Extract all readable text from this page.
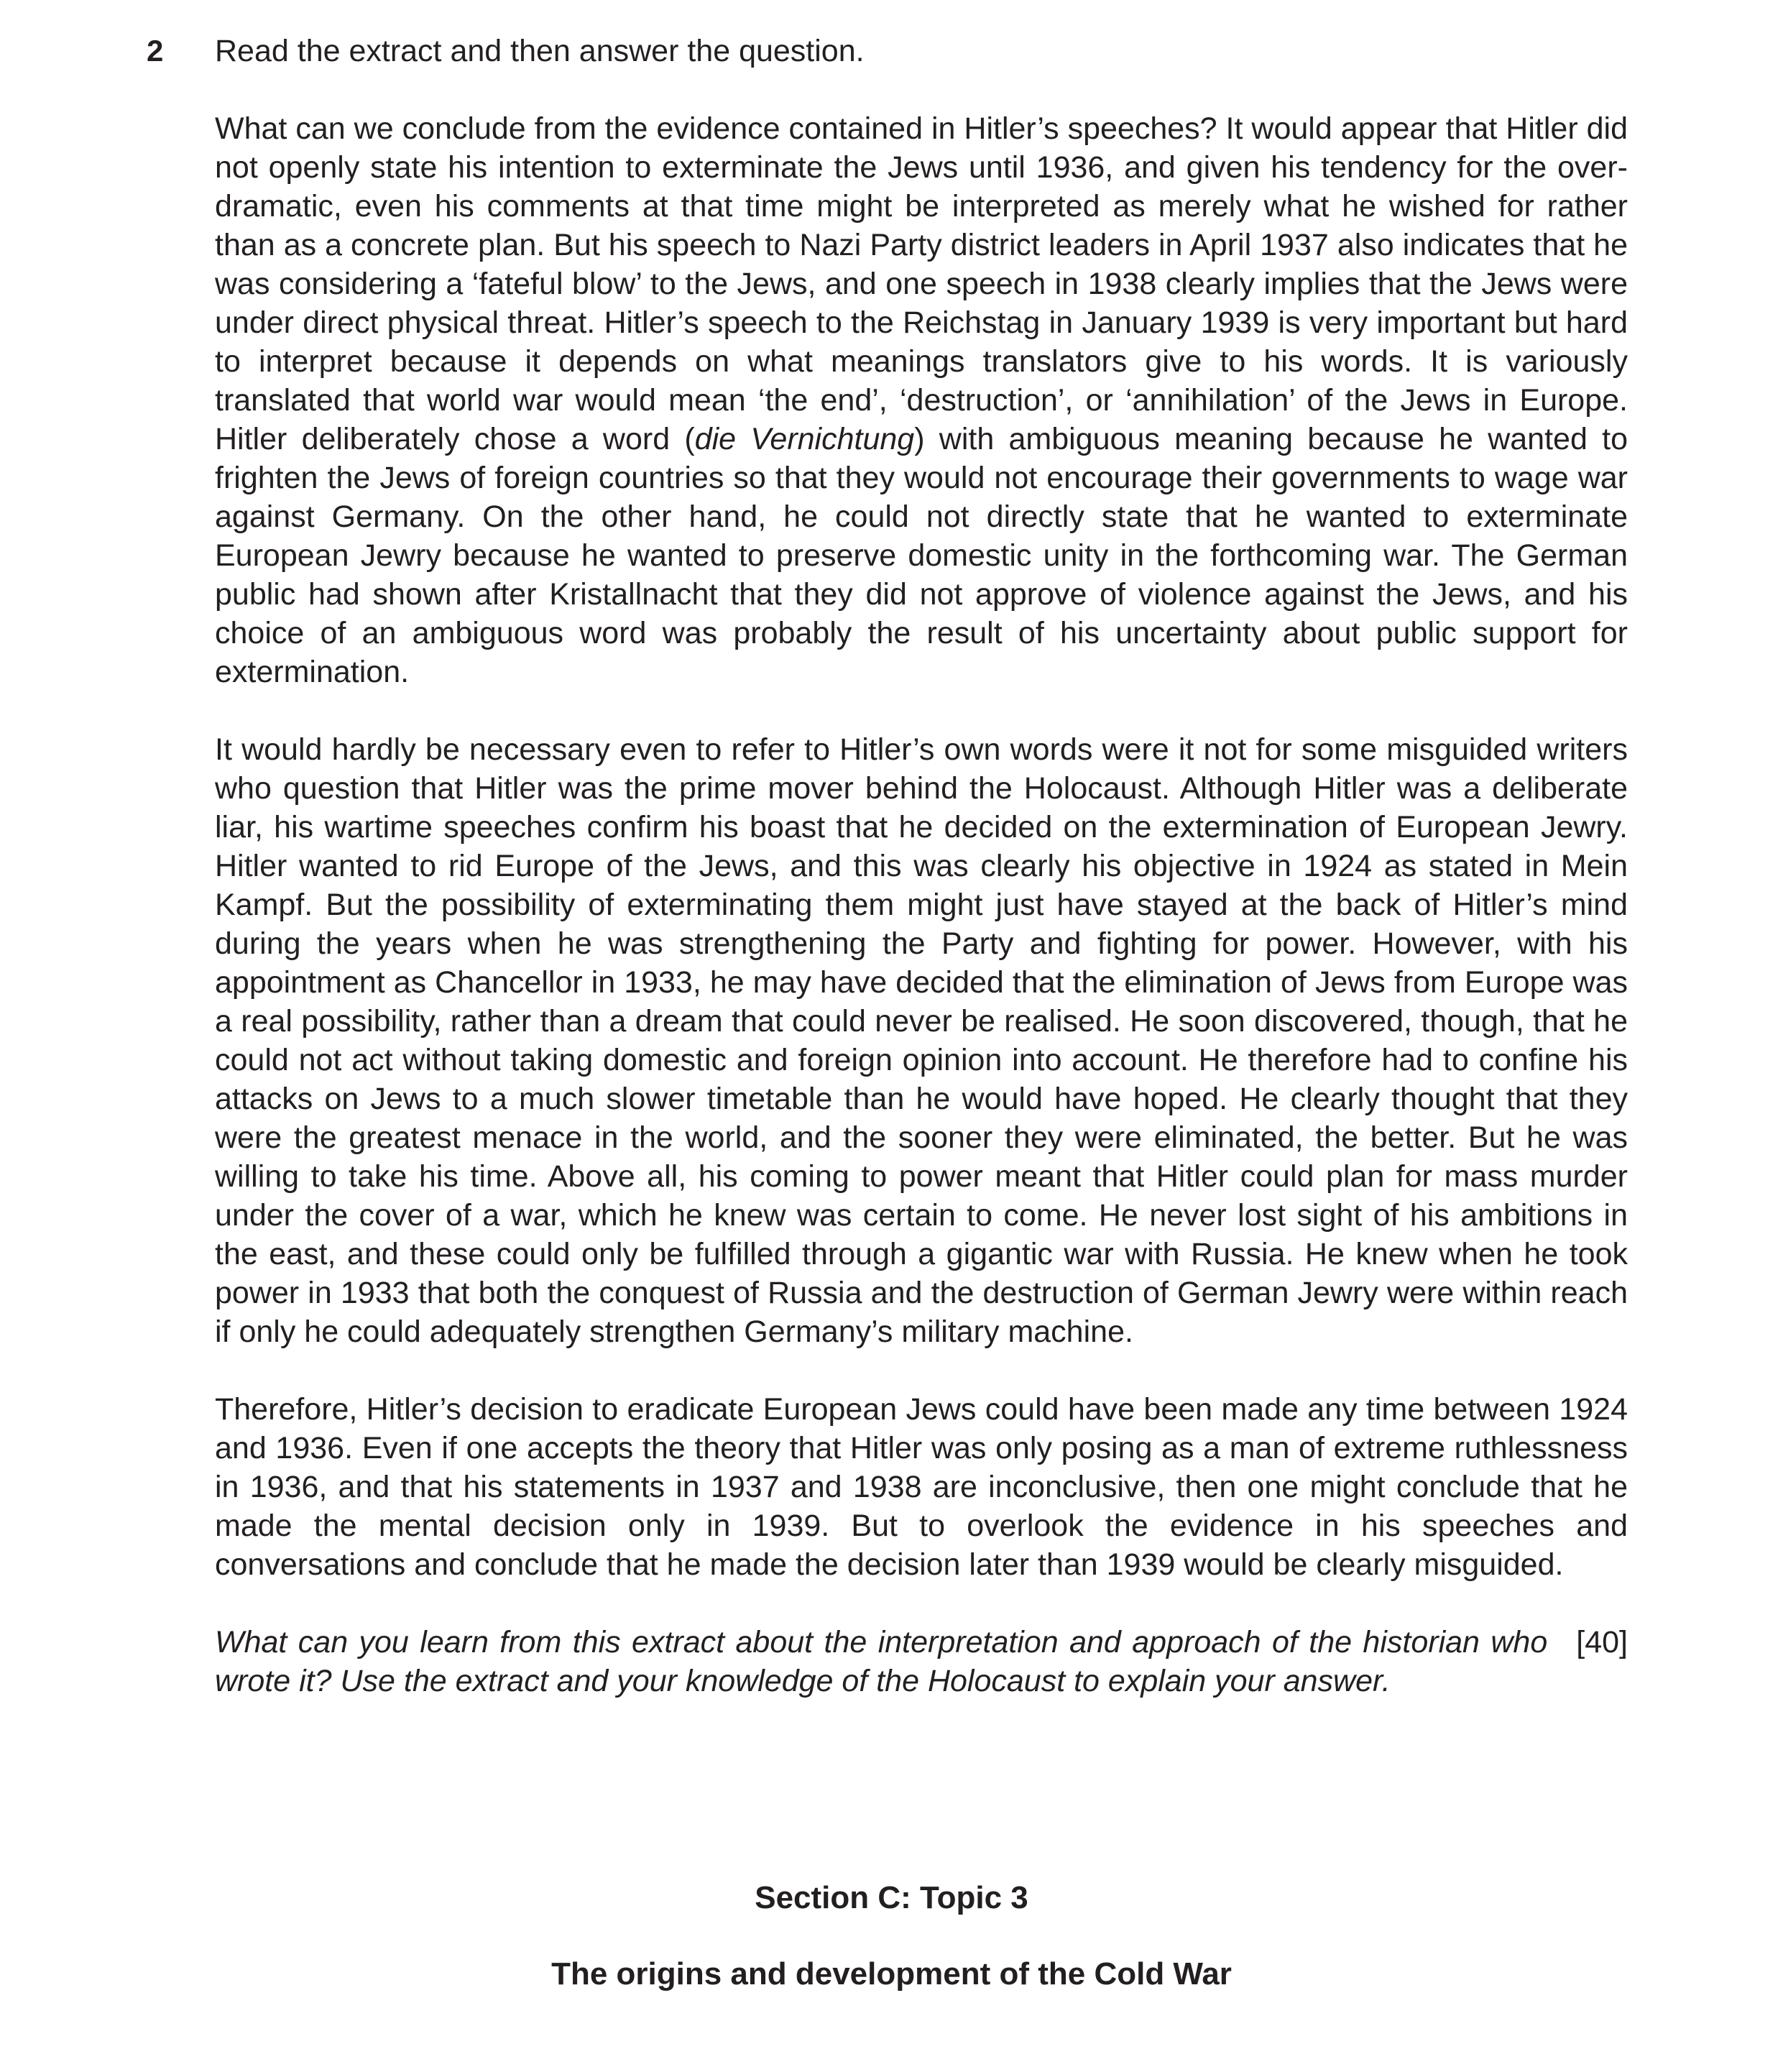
2 Read the extract and then answer the question.

What can we conclude from the evidence contained in Hitler’s speeches? It would appear that Hitler did not openly state his intention to exterminate the Jews until 1936, and given his tendency for the over-dramatic, even his comments at that time might be interpreted as merely what he wished for rather than as a concrete plan. But his speech to Nazi Party district leaders in April 1937 also indicates that he was considering a ‘fateful blow’ to the Jews, and one speech in 1938 clearly implies that the Jews were under direct physical threat. Hitler’s speech to the Reichstag in January 1939 is very important but hard to interpret because it depends on what meanings translators give to his words. It is variously translated that world war would mean ‘the end’, ‘destruction’, or ‘annihilation’ of the Jews in Europe. Hitler deliberately chose a word (die Vernichtung) with ambiguous meaning because he wanted to frighten the Jews of foreign countries so that they would not encourage their governments to wage war against Germany. On the other hand, he could not directly state that he wanted to exterminate European Jewry because he wanted to preserve domestic unity in the forthcoming war. The German public had shown after Kristallnacht that they did not approve of violence against the Jews, and his choice of an ambiguous word was probably the result of his uncertainty about public support for extermination.

It would hardly be necessary even to refer to Hitler’s own words were it not for some misguided writers who question that Hitler was the prime mover behind the Holocaust. Although Hitler was a deliberate liar, his wartime speeches confirm his boast that he decided on the extermination of European Jewry. Hitler wanted to rid Europe of the Jews, and this was clearly his objective in 1924 as stated in Mein Kampf. But the possibility of exterminating them might just have stayed at the back of Hitler’s mind during the years when he was strengthening the Party and fighting for power. However, with his appointment as Chancellor in 1933, he may have decided that the elimination of Jews from Europe was a real possibility, rather than a dream that could never be realised. He soon discovered, though, that he could not act without taking domestic and foreign opinion into account. He therefore had to confine his attacks on Jews to a much slower timetable than he would have hoped. He clearly thought that they were the greatest menace in the world, and the sooner they were eliminated, the better. But he was willing to take his time. Above all, his coming to power meant that Hitler could plan for mass murder under the cover of a war, which he knew was certain to come. He never lost sight of his ambitions in the east, and these could only be fulfilled through a gigantic war with Russia. He knew when he took power in 1933 that both the conquest of Russia and the destruction of German Jewry were within reach if only he could adequately strengthen Germany’s military machine.

Therefore, Hitler’s decision to eradicate European Jews could have been made any time between 1924 and 1936. Even if one accepts the theory that Hitler was only posing as a man of extreme ruthlessness in 1936, and that his statements in 1937 and 1938 are inconclusive, then one might conclude that he made the mental decision only in 1939. But to overlook the evidence in his speeches and conversations and conclude that he made the decision later than 1939 would be clearly misguided.

[40]
What can you learn from this extract about the interpretation and approach of the historian who wrote it? Use the extract and your knowledge of the Holocaust to explain your answer.

Section C: Topic 3
The origins and development of the Cold War
